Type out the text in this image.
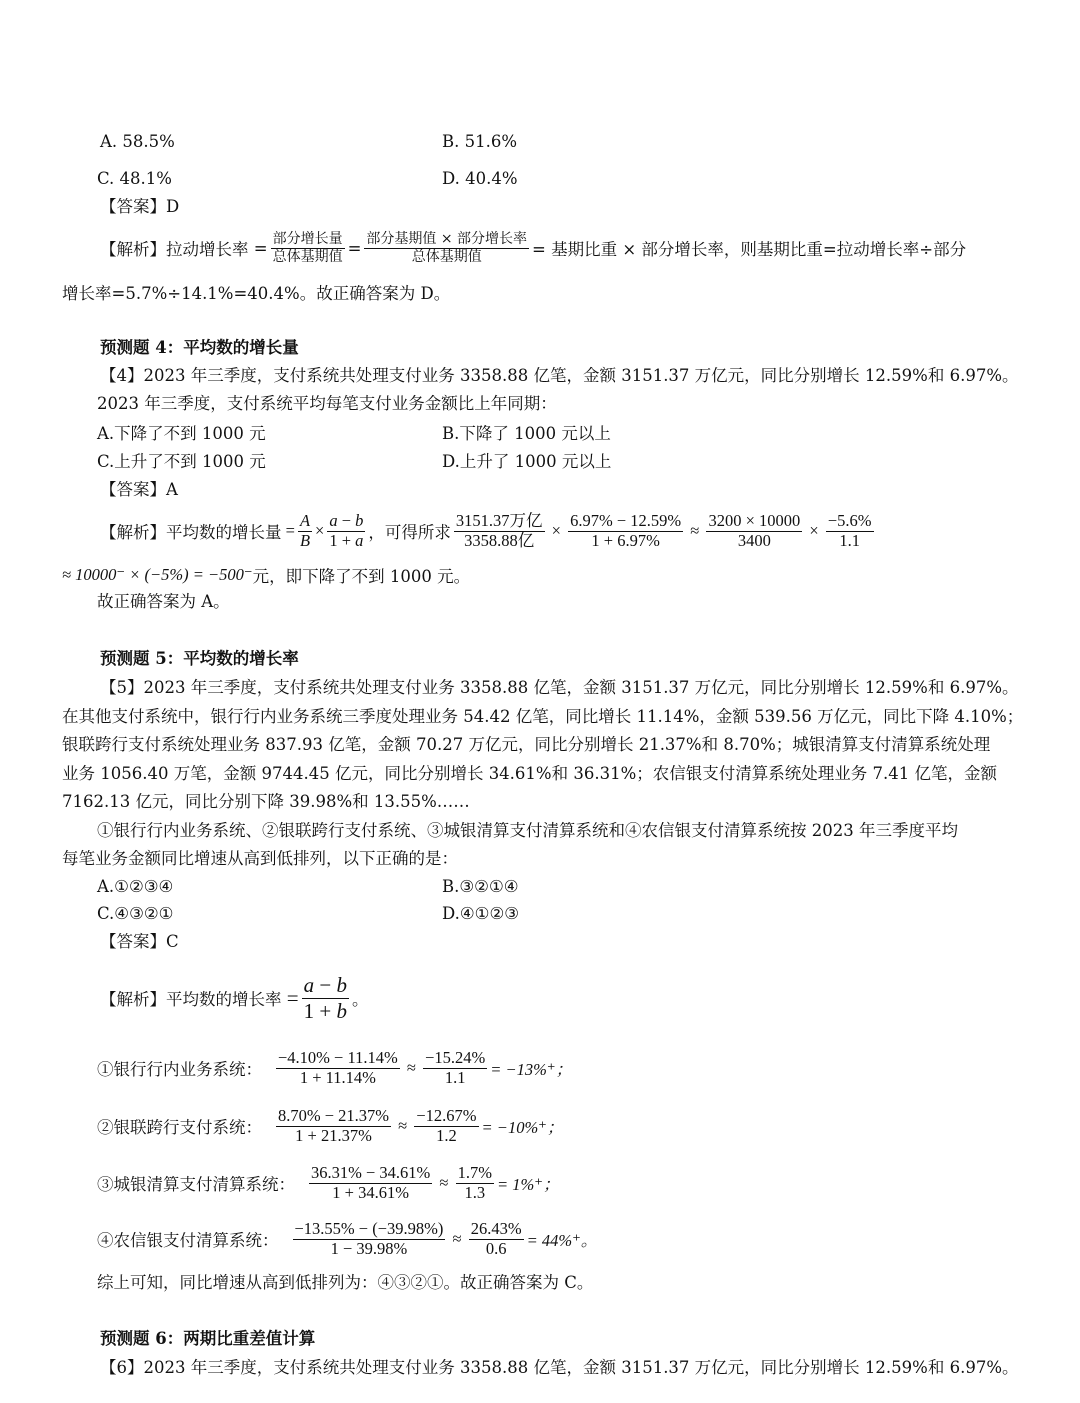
A. 58.5%	B. 51.6%
C. 48.1%	D. 40.4%
【答案】D
【解析】拉动增长率 = $\frac{\text{部分增长量}}{\text{总体基期值}} = \frac{\text{部分基期值 × 部分增长率}}{\text{总体基期值}}$ = 基期比重 × 部分增长率，则基期比重=拉动增长率÷部分
增长率=5.7%÷14.1%=40.4%。故正确答案为 D。
预测题 4：平均数的增长量
【4】2023 年三季度，支付系统共处理支付业务 3358.88 亿笔，金额 3151.37 万亿元，同比分别增长 12.59%和 6.97%。
2023 年三季度，支付系统平均每笔支付业务金额比上年同期：
A.下降了不到 1000 元	B.下降了 1000 元以上
C.上升了不到 1000 元	D.上升了 1000 元以上
【答案】A
【解析】平均数的增长量 = $\frac{A}{B} \times \frac{a - b}{1 + a}$ ，可得所求 $\frac{\text{3151.37万亿}}{\text{3358.88亿}} \times \frac{6.97\% - 12.59\%}{1 + 6.97\%} \approx \frac{3200 \times 10000}{3400} \times \frac{-5.6\%}{1.1}$
≈ 10000⁻ × (−5%) = −500⁻ 元，即下降了不到 1000 元。
故正确答案为 A。
预测题 5：平均数的增长率
【5】2023 年三季度，支付系统共处理支付业务 3358.88 亿笔，金额 3151.37 万亿元，同比分别增长 12.59%和 6.97%。
在其他支付系统中，银行行内业务系统三季度处理业务 54.42 亿笔，同比增长 11.14%，金额 539.56 万亿元，同比下降 4.10%；
银联跨行支付系统处理业务 837.93 亿笔，金额 70.27 万亿元，同比分别增长 21.37%和 8.70%；城银清算支付清算系统处理
业务 1056.40 万笔，金额 9744.45 亿元，同比分别增长 34.61%和 36.31%；农信银支付清算系统处理业务 7.41 亿笔，金额
7162.13 亿元，同比分别下降 39.98%和 13.55%……
①银行行内业务系统、②银联跨行支付系统、③城银清算支付清算系统和④农信银支付清算系统按 2023 年三季度平均
每笔业务金额同比增速从高到低排列，以下正确的是：
A.①②③④	B.③②①④
C.④③②①	D.④①②③
【答案】C
【解析】平均数的增长率 = $\frac{a - b}{1 + b}$ 。
①银行行内业务系统： $\frac{-4.10\% - 11.14\%}{1 + 11.14\%} \approx \frac{-15.24\%}{1.1} = -13\%^+$；
②银联跨行支付系统： $\frac{8.70\% - 21.37\%}{1 + 21.37\%} \approx \frac{-12.67\%}{1.2} = -10\%^+$；
③城银清算支付清算系统： $\frac{36.31\% - 34.61\%}{1 + 34.61\%} \approx \frac{1.7\%}{1.3} = 1\%^+$；
④农信银支付清算系统： $\frac{-13.55\% - (-39.98\%)}{1 - 39.98\%} \approx \frac{26.43\%}{0.6} = 44\%^+$。
综上可知，同比增速从高到低排列为：④③②①。故正确答案为 C。
预测题 6：两期比重差值计算
【6】2023 年三季度，支付系统共处理支付业务 3358.88 亿笔，金额 3151.37 万亿元，同比分别增长 12.59%和 6.97%。
